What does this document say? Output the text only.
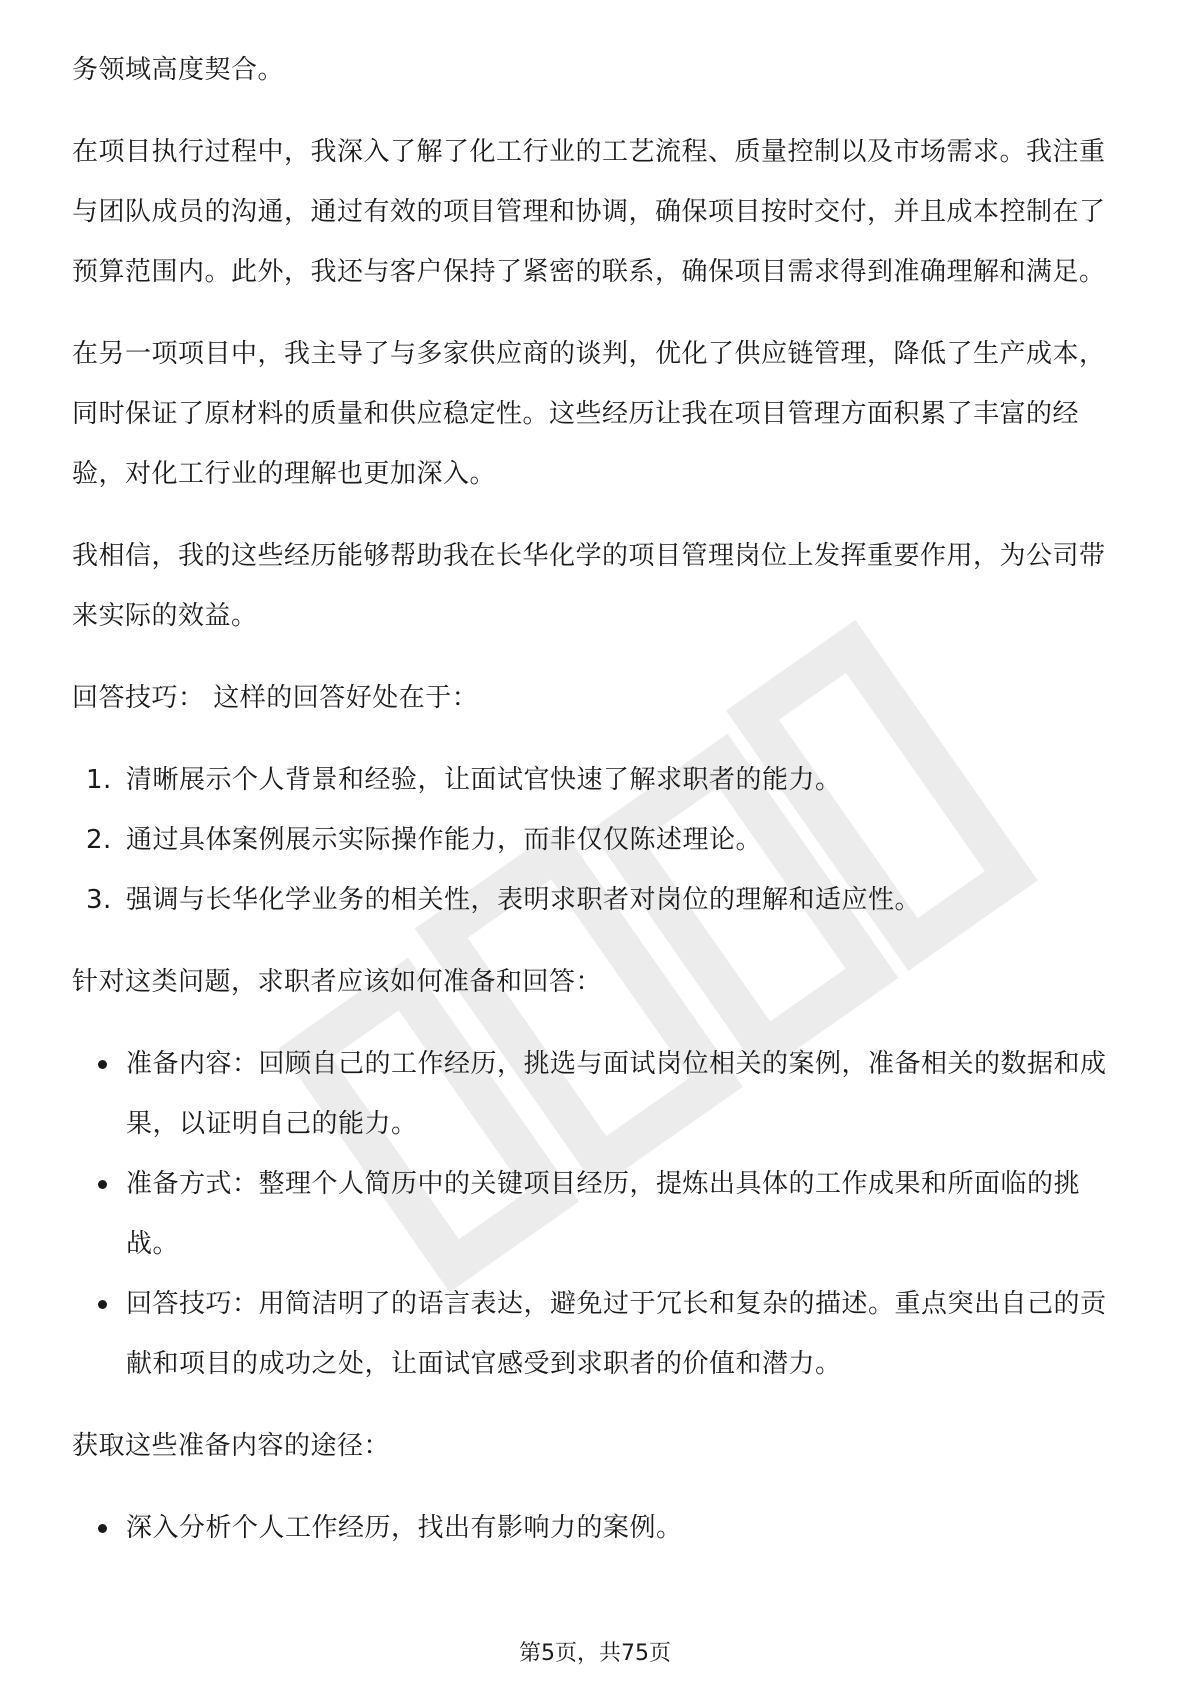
务领域高度契合。

在项目执行过程中，我深入了解了化工行业的工艺流程、质量控制以及市场需求。我注重与团队成员的沟通，通过有效的项目管理和协调，确保项目按时交付，并且成本控制在了预算范围内。此外，我还与客户保持了紧密的联系，确保项目需求得到准确理解和满足。

在另一项项目中，我主导了与多家供应商的谈判，优化了供应链管理，降低了生产成本，同时保证了原材料的质量和供应稳定性。这些经历让我在项目管理方面积累了丰富的经验，对化工行业的理解也更加深入。

我相信，我的这些经历能够帮助我在长华化学的项目管理岗位上发挥重要作用，为公司带来实际的效益。

回答技巧： 这样的回答好处在于：

1. 清晰展示个人背景和经验，让面试官快速了解求职者的能力。
2. 通过具体案例展示实际操作能力，而非仅仅陈述理论。
3. 强调与长华化学业务的相关性，表明求职者对岗位的理解和适应性。

针对这类问题，求职者应该如何准备和回答：

准备内容：回顾自己的工作经历，挑选与面试岗位相关的案例，准备相关的数据和成果，以证明自己的能力。
准备方式：整理个人简历中的关键项目经历，提炼出具体的工作成果和所面临的挑战。
回答技巧：用简洁明了的语言表达，避免过于冗长和复杂的描述。重点突出自己的贡献和项目的成功之处，让面试官感受到求职者的价值和潜力。

获取这些准备内容的途径：

深入分析个人工作经历，找出有影响力的案例。
第5页，共75页
